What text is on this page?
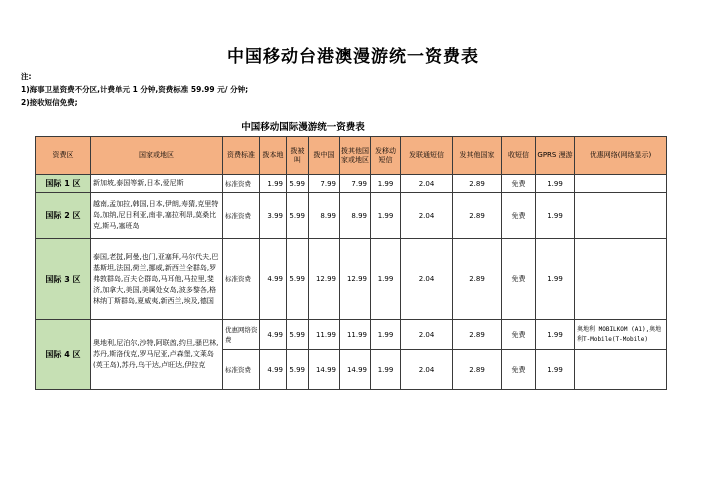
中国移动台港澳漫游统一资费表
注:
1)海事卫星资费不分区,计费单元 1 分钟,资费标准 59.99 元/ 分钟;
2)接收短信免费;
中国移动国际漫游统一资费表
资费区	国家或地区	资费标准	拨本地	拨被叫	拨中国	拨其他国家或地区	发移动短信	发联通短信	发其他国家	收短信	GPRS 漫游	优惠网络(网络显示)
国际 1 区	新加坡,泰国等新,日本,爱尼斯	标准资费	1.99	5.99	7.99	7.99	1.99	2.04	2.89	免费	1.99	
国际 2 区	越南,孟加拉,韩国,日本,伊朗,寿猜,克里特岛,加纳,尼日利亚,南非,塞拉利昂,莫桑比克,斯马,塞班岛	标准资费	3.99	5.99	8.99	8.99	1.99	2.04	2.89	免费	1.99	
国际 3 区	泰国,老挝,阿曼,也门,亚塞拜,马尔代夫,巴基斯坦,法国,荷兰,挪威,新西兰全群岛,罗弗敦群岛,百夫仑群岛,马耳他,马拉里,斐济,加拿大,美国,美属处女岛,波多黎各,格林纳丁斯群岛,夏威夷,新西兰,埃及,德国	标准资费	4.99	5.99	12.99	12.99	1.99	2.04	2.89	免费	1.99	
国际 4 区	奥地利,尼泊尔,沙特,阿联酋,约旦,骚巴林,苏丹,斯洛伐克,罗马尼亚,卢森堡,文莱岛(英王岛),苏丹,乌干达,卢旺达,伊拉克	优惠网络资费	4.99	5.99	11.99	11.99	1.99	2.04	2.89	免费	1.99	奥地利 MOBILKOM (A1),奥地利T-Mobile(T-Mobile)
		标准资费	4.99	5.99	14.99	14.99	1.99	2.04	2.89	免费	1.99	
